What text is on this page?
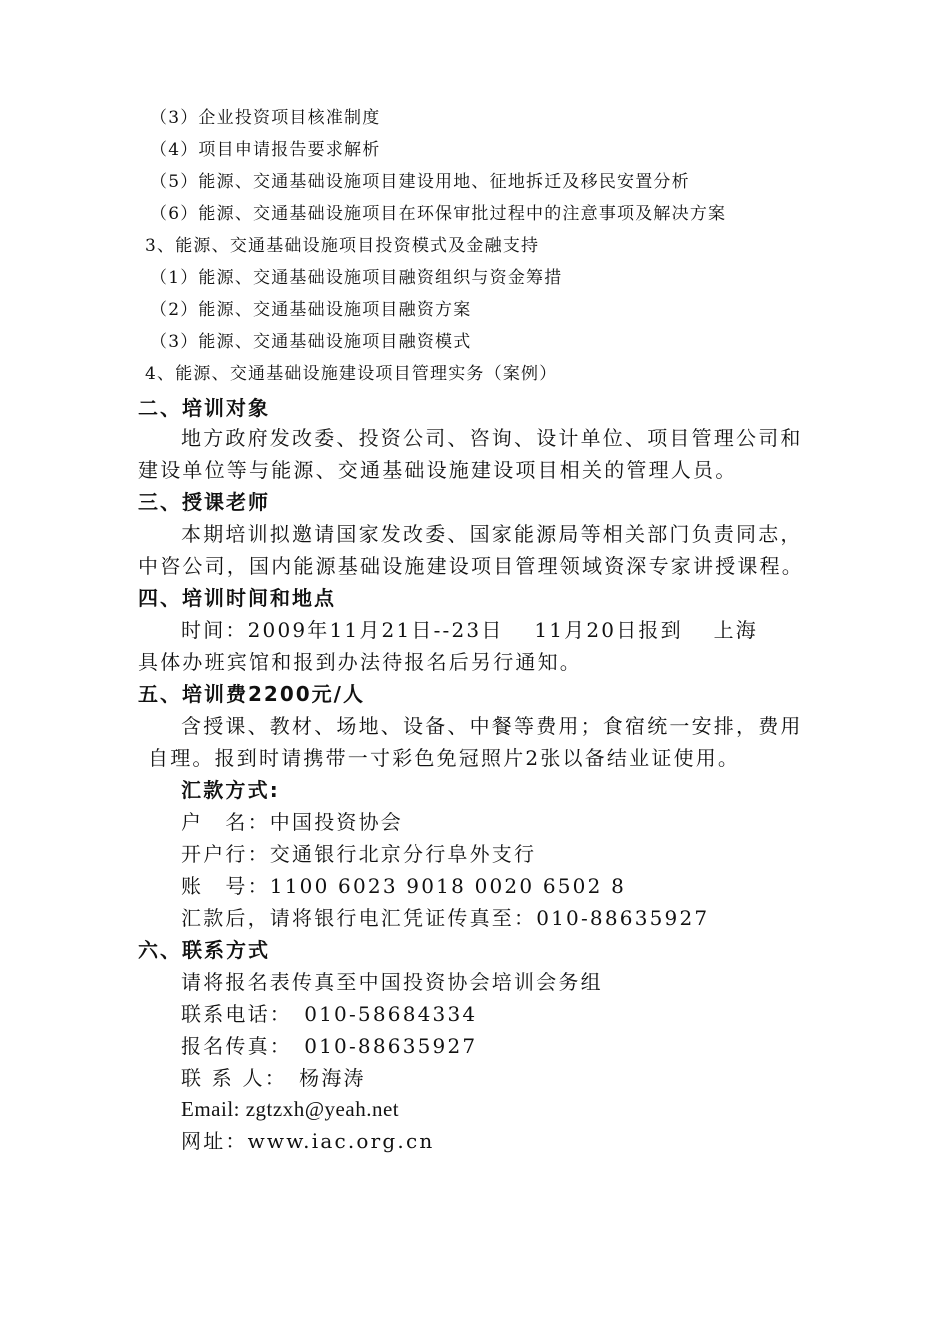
（3）企业投资项目核准制度
（4）项目申请报告要求解析
（5）能源、交通基础设施项目建设用地、征地拆迁及移民安置分析
（6）能源、交通基础设施项目在环保审批过程中的注意事项及解决方案
3、能源、交通基础设施项目投资模式及金融支持
（1）能源、交通基础设施项目融资组织与资金筹措
（2）能源、交通基础设施项目融资方案
（3）能源、交通基础设施项目融资模式
4、能源、交通基础设施建设项目管理实务（案例）
二、培训对象
地方政府发改委、投资公司、咨询、设计单位、项目管理公司和
建设单位等与能源、交通基础设施建设项目相关的管理人员。
三、授课老师
本期培训拟邀请国家发改委、国家能源局等相关部门负责同志，
中咨公司，国内能源基础设施建设项目管理领域资深专家讲授课程。
四、培训时间和地点
时间：2009年11月21日--23日　 11月20日报到　 上海
具体办班宾馆和报到办法待报名后另行通知。
五、培训费2200元/人
含授课、教材、场地、设备、中餐等费用；食宿统一安排，费用
自理。报到时请携带一寸彩色免冠照片2张以备结业证使用。
汇款方式:
户　名：中国投资协会
开户行：交通银行北京分行阜外支行
账　号：1100 6023 9018 0020 6502 8
汇款后，请将银行电汇凭证传真至：010-88635927
六、联系方式
请将报名表传真至中国投资协会培训会务组
联系电话：　010-58684334
报名传真：　010-88635927
联 系 人：　杨海涛
Email: zgtzxh@yeah.net
网址：www.iac.org.cn
